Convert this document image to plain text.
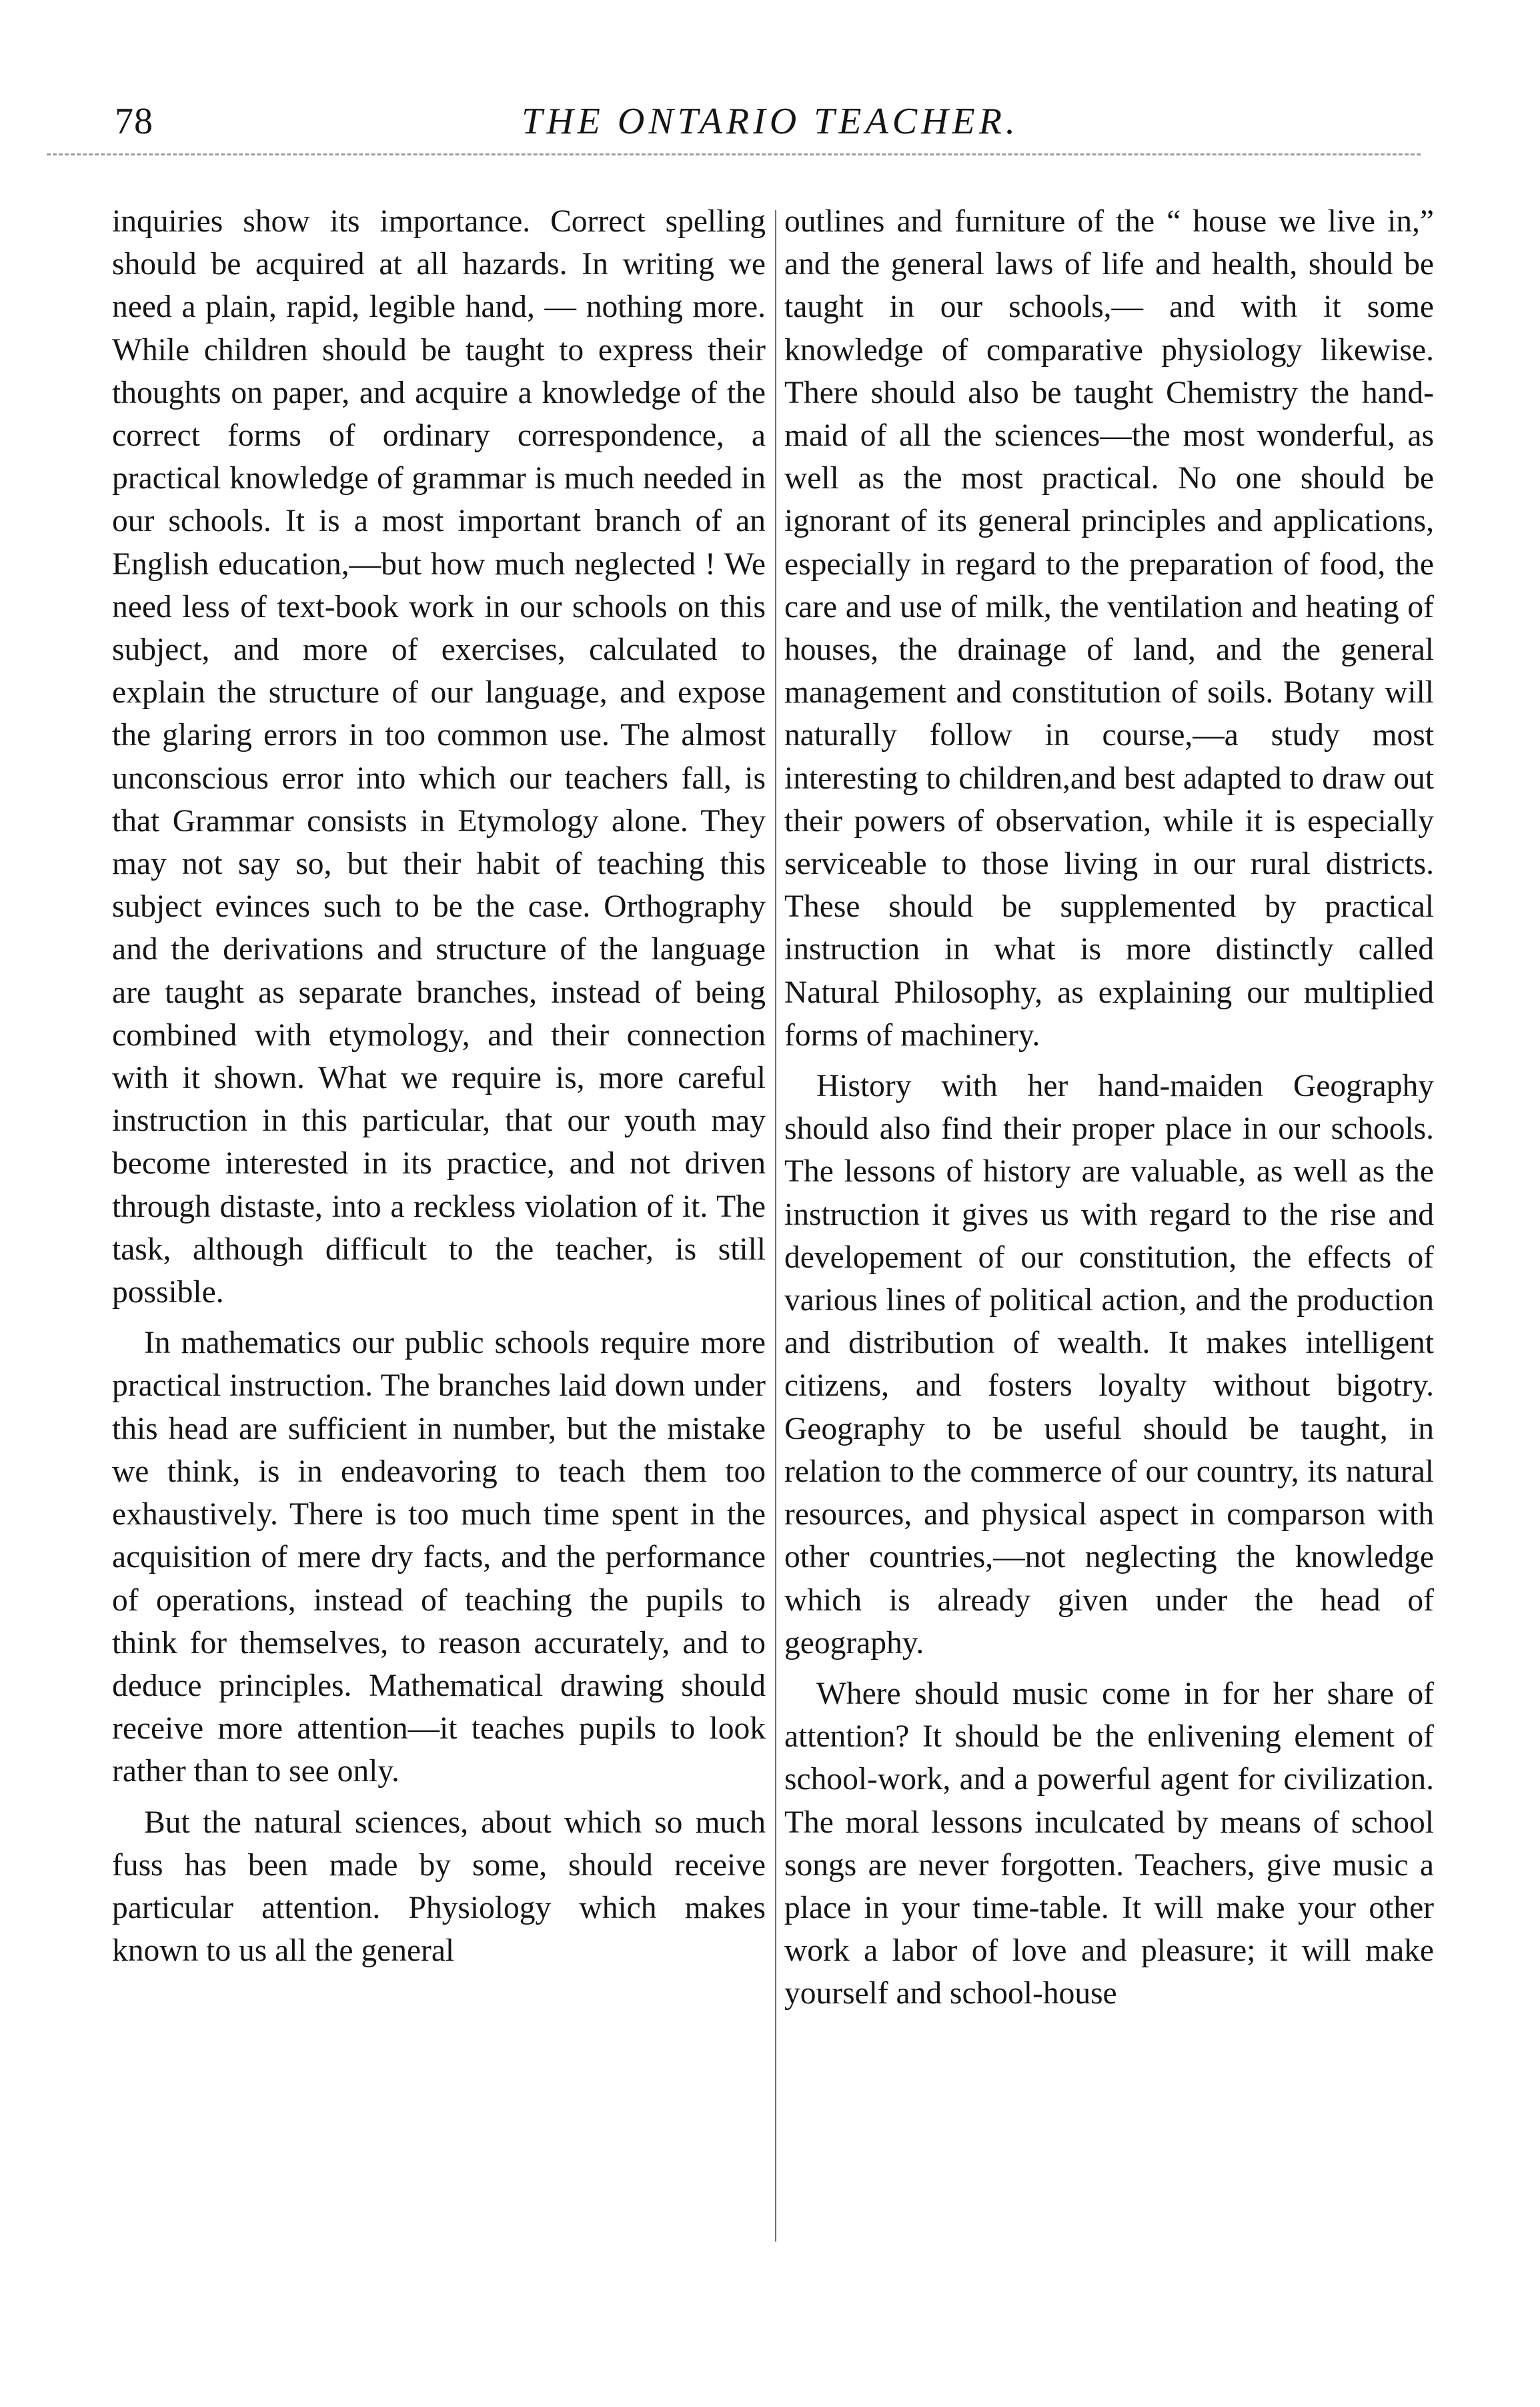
78	THE ONTARIO TEACHER.

inquiries show its importance. Correct spelling should be acquired at all hazards. In writing we need a plain, rapid, legible hand, — nothing more. While children should be taught to express their thoughts on paper, and acquire a knowledge of the correct forms of ordinary correspondence, a practical knowledge of grammar is much needed in our schools. It is a most important branch of an English education,—but how much neglected ! We need less of text-book work in our schools on this subject, and more of exercises, calculated to explain the structure of our language, and expose the glaring errors in too common use. The almost unconscious error into which our teachers fall, is that Grammar consists in Etymology alone. They may not say so, but their habit of teaching this subject evinces such to be the case. Orthography and the derivations and structure of the language are taught as separate branches, instead of being combined with etymology, and their connection with it shown. What we require is, more careful instruction in this particular, that our youth may become interested in its practice, and not driven through distaste, into a reckless violation of it. The task, although difficult to the teacher, is still possible.

In mathematics our public schools require more practical instruction. The branches laid down under this head are sufficient in number, but the mistake we think, is in endeavoring to teach them too exhaustively. There is too much time spent in the acquisition of mere dry facts, and the performance of operations, instead of teaching the pupils to think for themselves, to reason accurately, and to deduce principles. Mathematical drawing should receive more attention—it teaches pupils to look rather than to see only.

But the natural sciences, about which so much fuss has been made by some, should receive particular attention. Physiology which makes known to us all the general

outlines and furniture of the “ house we live in,” and the general laws of life and health, should be taught in our schools,— and with it some knowledge of comparative physiology likewise. There should also be taught Chemistry the hand-maid of all the sciences—the most wonderful, as well as the most practical. No one should be ignorant of its general principles and applications, especially in regard to the preparation of food, the care and use of milk, the ventilation and heating of houses, the drainage of land, and the general management and constitution of soils. Botany will naturally follow in course,—a study most interesting to children,and best adapted to draw out their powers of observation, while it is especially serviceable to those living in our rural districts. These should be supplemented by practical instruction in what is more distinctly called Natural Philosophy, as explaining our multiplied forms of machinery.

History with her hand-maiden Geography should also find their proper place in our schools. The lessons of history are valuable, as well as the instruction it gives us with regard to the rise and developement of our constitution, the effects of various lines of political action, and the production and distribution of wealth. It makes intelligent citizens, and fosters loyalty without bigotry. Geography to be useful should be taught, in relation to the commerce of our country, its natural resources, and physical aspect in comparson with other countries,—not neglecting the knowledge which is already given under the head of geography.

Where should music come in for her share of attention? It should be the enlivening element of school-work, and a powerful agent for civilization. The moral lessons inculcated by means of school songs are never forgotten. Teachers, give music a place in your time-table. It will make your other work a labor of love and pleasure; it will make yourself and school-house
